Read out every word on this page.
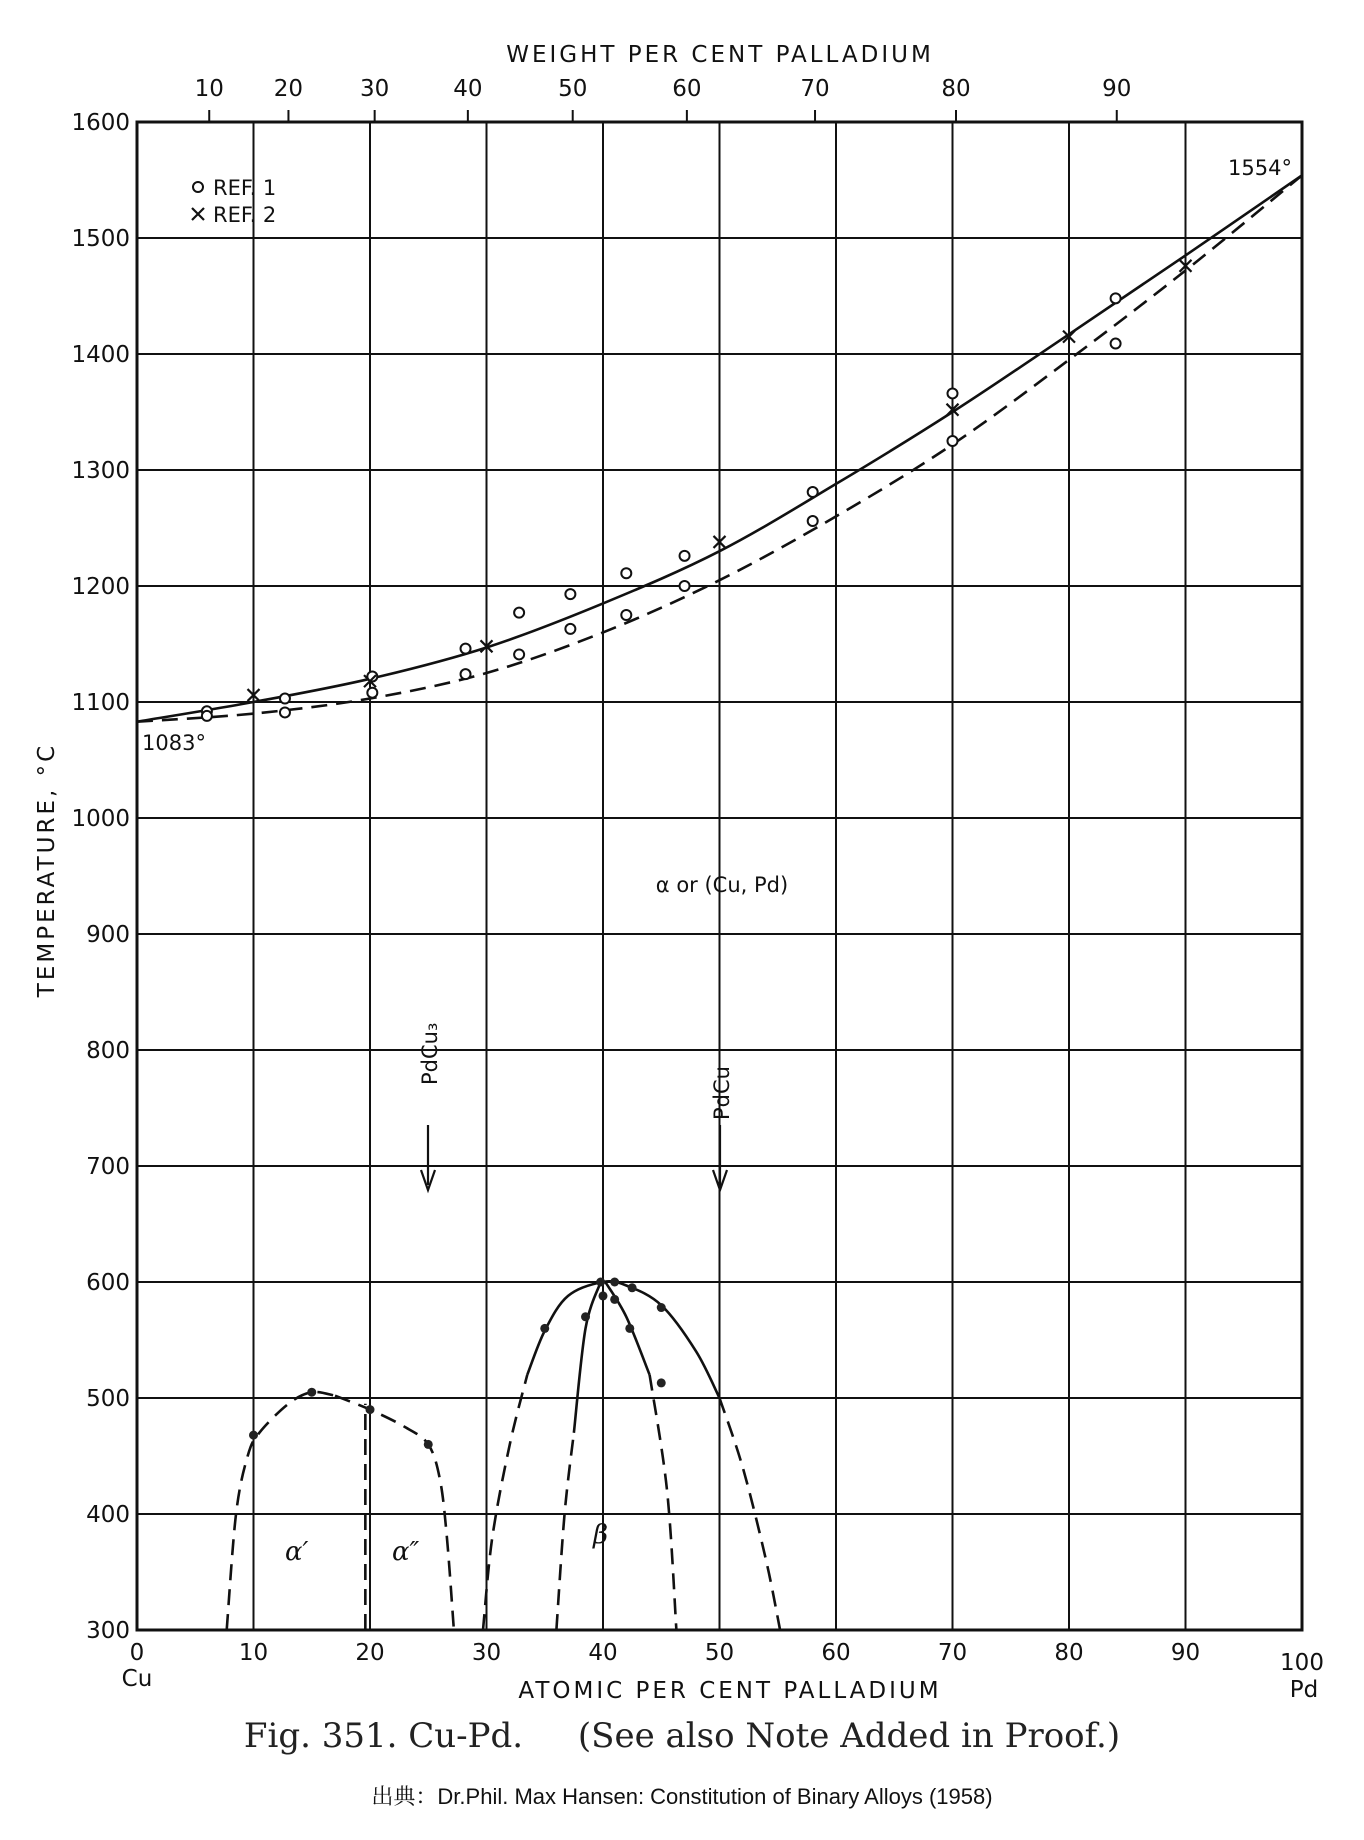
0	10	20	30	40	50	60	70	80	90	100
300
400
500
600
700
800
900
1000
1100
1200
1300
1400
1500
1600
10 20 30	40	50	60	70	80	90
WEIGHT PER CENT PALLADIUM
ATOMIC PER CENT PALLADIUM
TEMPERATURE, °C
Cu	Pd
REF. 1
REF. 2
1083°
1554°
α or (Cu, Pd)
PdCu₃
PdCu
α′	α″
β
Fig. 351. Cu-Pd. (See also Note Added in Proof.)
出典：Dr.Phil. Max Hansen: Constitution of Binary Alloys (1958)
